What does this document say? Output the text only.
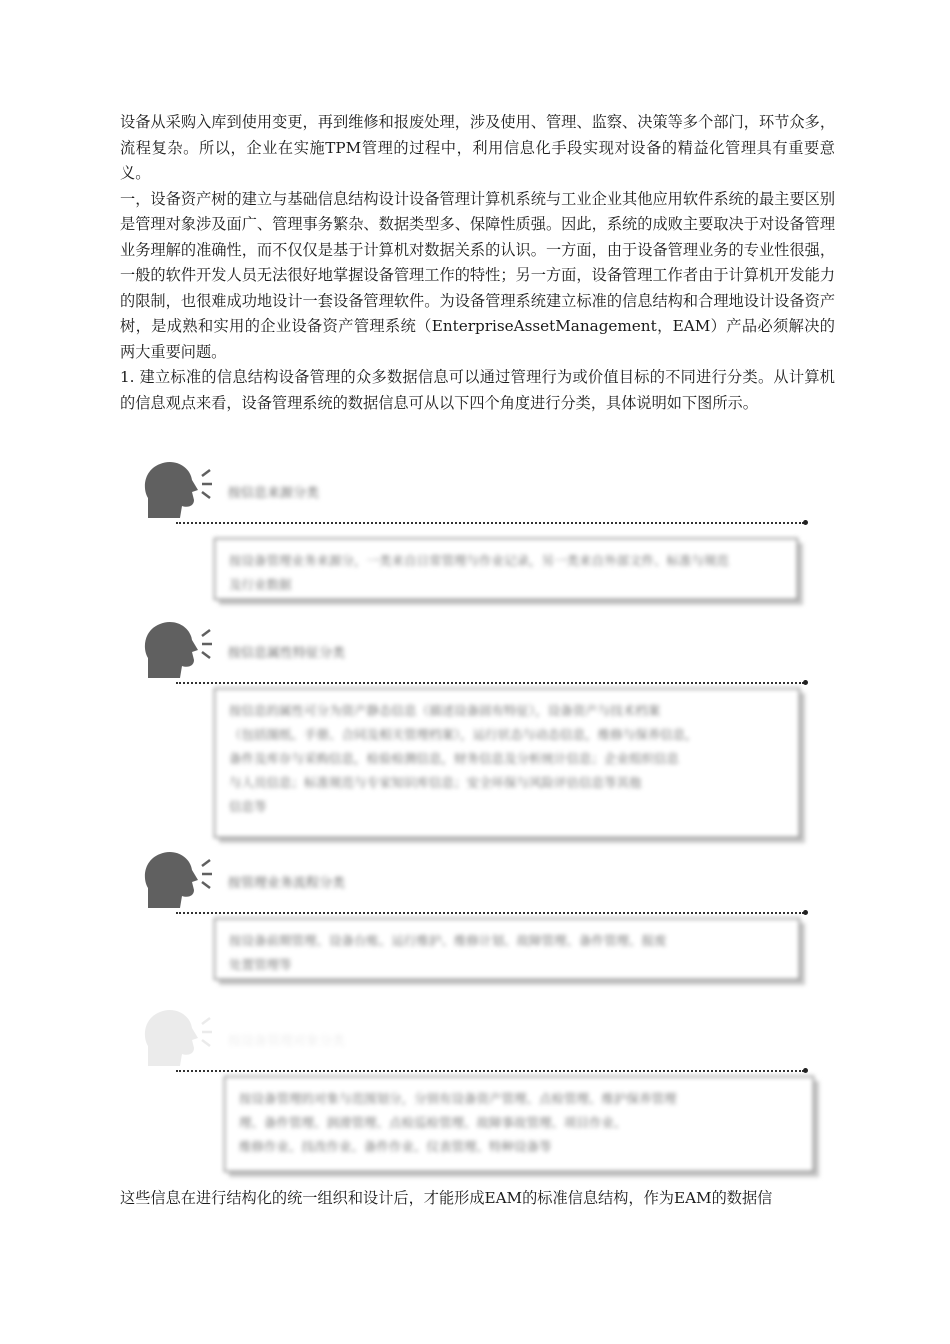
设备从采购入库到使用变更，再到维修和报废处理，涉及使用、管理、监察、决策等多个部门，环节众多，流程复杂。所以，企业在实施TPM管理的过程中，利用信息化手段实现对设备的精益化管理具有重要意义。

一，设备资产树的建立与基础信息结构设计设备管理计算机系统与工业企业其他应用软件系统的最主要区别是管理对象涉及面广、管理事务繁杂、数据类型多、保障性质强。因此，系统的成败主要取决于对设备管理业务理解的准确性，而不仅仅是基于计算机对数据关系的认识。一方面，由于设备管理业务的专业性很强，一般的软件开发人员无法很好地掌握设备管理工作的特性；另一方面，设备管理工作者由于计算机开发能力的限制，也很难成功地设计一套设备管理软件。为设备管理系统建立标准的信息结构和合理地设计设备资产树，是成熟和实用的企业设备资产管理系统（EnterpriseAssetManagement，EAM）产品必须解决的两大重要问题。

1. 建立标准的信息结构设备管理的众多数据信息可以通过管理行为或价值目标的不同进行分类。从计算机的信息观点来看，设备管理系统的数据信息可从以下四个角度进行分类，具体说明如下图所示。

按信息来源分类
按设备管理业务来源分，一类来自日常管理与作业记录，另一类来自外部文件、标准与规范
及行业数据
按信息属性特征分类
按信息的属性可分为资产静态信息（描述设备固有特征），设备资产与技术档案
（包括图纸、手册、合同及相关管理档案），运行状态与动态信息，维修与保养信息，
备件及库存与采购信息，检验检测信息，财务信息及分析统计信息；企业组织信息
与人员信息；标准规范与专家知识库信息；安全环保与风险评估信息等其他
信息等
按管理业务流程分类
按设备前期管理、设备台账、运行维护、维修计划、故障管理、备件管理、报废
处置管理等
按设备管理对象分类
按设备管理的对象与范围划分，分别有设备资产管理、点检管理、维护保养管理
理、备件管理、润滑管理、点检巡检管理、故障事故管理、项目作业、
维修作业、技改作业、备件作业、仪表管理、特种设备等

这些信息在进行结构化的统一组织和设计后，才能形成EAM的标准信息结构，作为EAM的数据信
